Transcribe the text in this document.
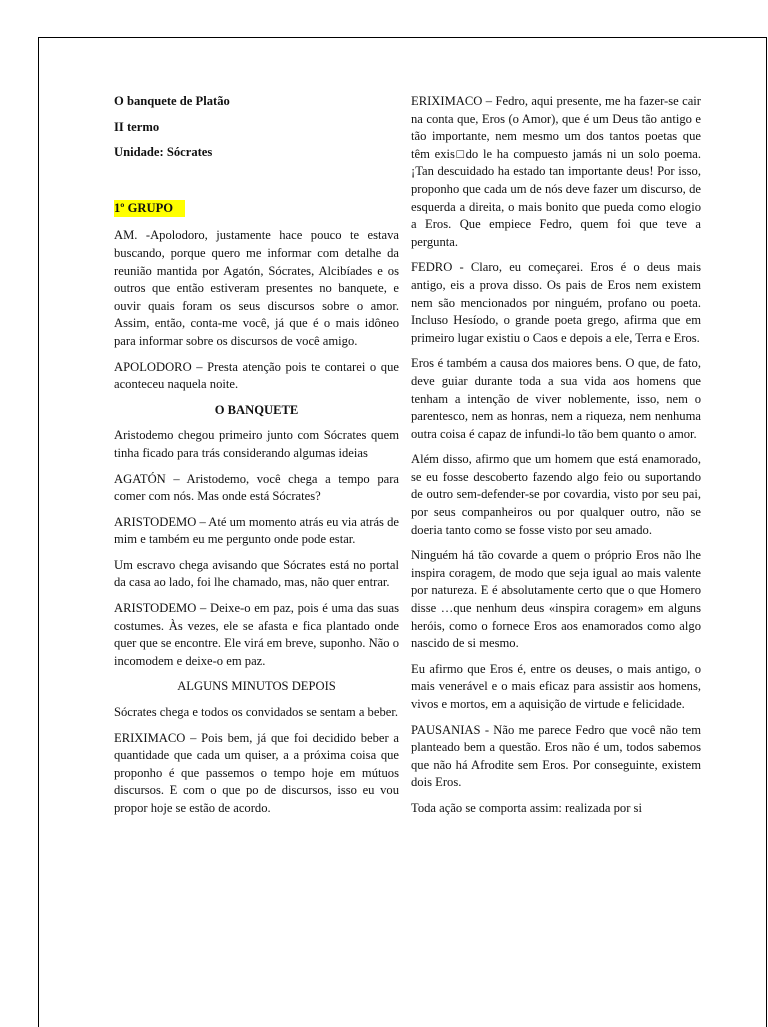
O banquete de Platão

II termo

Unidade: Sócrates

1º GRUPO

AM. -Apolodoro, justamente hace pouco te estava buscando, porque quero me informar com detalhe da reunião mantida por Agatón, Sócrates, Alcibíades e os outros que então estiveram presentes no banquete, e ouvir quais foram os seus discursos sobre o amor. Assim, então, conta-me você, já que é o mais idôneo para informar sobre os discursos de você amigo.

APOLODORO – Presta atenção pois te contarei o que aconteceu naquela noite.

O BANQUETE

Aristodemo chegou primeiro junto com Sócrates quem tinha ficado para trás considerando algumas ideias

AGATÓN – Aristodemo, você chega a tempo para comer com nós. Mas onde está Sócrates?

ARISTODEMO – Até um momento atrás eu via atrás de mim e também eu me pergunto onde pode estar.

Um escravo chega avisando que Sócrates está no portal da casa ao lado, foi lhe chamado, mas, não quer entrar.

ARISTODEMO – Deixe-o em paz, pois é uma das suas costumes. Às vezes, ele se afasta e fica plantado onde quer que se encontre. Ele virá em breve, suponho. Não o incomodem e deixe-o em paz.

ALGUNS MINUTOS DEPOIS

Sócrates chega e todos os convidados se sentam a beber.

ERIXIMACO – Pois bem, já que foi decidido beber a quantidade que cada um quiser, a a próxima coisa que proponho é que passemos o tempo hoje em mútuos discursos. E com o que po de discursos, isso eu vou propor hoje se estão de acordo.

ERIXIMACO – Fedro, aqui presente, me ha fazer-se cair na conta que, Eros (o Amor), que é um Deus tão antigo e tão importante, nem mesmo um dos tantos poetas que têm exis□do le ha compuesto jamás ni un solo poema. ¡Tan descuidado ha estado tan importante deus! Por isso, proponho que cada um de nós deve fazer um discurso, de esquerda a direita, o mais bonito que pueda como elogio a Eros. Que empiece Fedro, quem foi que teve a pergunta.

FEDRO - Claro, eu começarei. Eros é o deus mais antigo, eis a prova disso. Os pais de Eros nem existem nem são mencionados por ninguém, profano ou poeta. Incluso Hesíodo, o grande poeta grego, afirma que em primeiro lugar existiu o Caos e depois a ele, Terra e Eros.

Eros é também a causa dos maiores bens. O que, de fato, deve guiar durante toda a sua vida aos homens que tenham a intenção de viver noblemente, isso, nem o parentesco, nem as honras, nem a riqueza, nem nenhuma outra coisa é capaz de infundi-lo tão bem quanto o amor.

Além disso, afirmo que um homem que está enamorado, se eu fosse descoberto fazendo algo feio ou suportando de outro sem-defender-se por covardia, visto por seu pai, por seus companheiros ou por qualquer outro, não se doeria tanto como se fosse visto por seu amado.

Ninguém há tão covarde a quem o próprio Eros não lhe inspira coragem, de modo que seja igual ao mais valente por natureza. E é absolutamente certo que o que Homero disse …que nenhum deus «inspira coragem» em alguns heróis, como o fornece Eros aos enamorados como algo nascido de si mesmo.

Eu afirmo que Eros é, entre os deuses, o mais antigo, o mais venerável e o mais eficaz para assistir aos homens, vivos e mortos, em a aquisição de virtude e felicidade.

PAUSANIAS - Não me parece Fedro que você não tem planteado bem a questão. Eros não é um, todos sabemos que não há Afrodite sem Eros. Por conseguinte, existem dois Eros.

Toda ação se comporta assim: realizada por si
